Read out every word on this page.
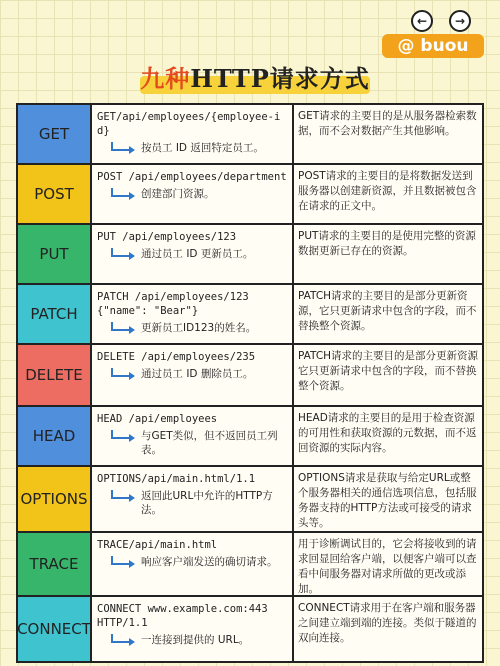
←	→
@ buou
九种HTTP请求方式
GET
GET/api/employees/{employee-id}
按员工 ID 返回特定员工。
GET请求的主要目的是从服务器检索数据，而不会对数据产生其他影响。
POST
POST /api/employees/department
创建部门资源。
POST请求的主要目的是将数据发送到服务器以创建新资源，并且数据被包含在请求的正文中。
PUT
PUT /api/employees/123
通过员工 ID 更新员工。
PUT请求的主要目的是使用完整的资源数据更新已存在的资源。
PATCH
PATCH /api/employees/123
{"name": "Bear"}
更新员工ID123的姓名。
PATCH请求的主要目的是部分更新资源，它只更新请求中包含的字段，而不替换整个资源。
DELETE
DELETE /api/employees/235
通过员工 ID 删除员工。
PATCH请求的主要目的是部分更新资源它只更新请求中包含的字段，而不替换整个资源。
HEAD
HEAD /api/employees
与GET类似，但不返回员工列表。
HEAD请求的主要目的是用于检查资源的可用性和获取资源的元数据，而不返回资源的实际内容。
OPTIONS
OPTIONS/api/main.html/1.1
返回此URL中允许的HTTP方法。
OPTIONS请求是获取与给定URL或整个服务器相关的通信选项信息，包括服务器支持的HTTP方法或可接受的请求头等。
TRACE
TRACE/api/main.html
响应客户端发送的确切请求。
用于诊断调试目的，它会将接收到的请求回显回给客户端，以便客户端可以查看中间服务器对请求所做的更改或添加。
CONNECT
CONNECT www.example.com:443
HTTP/1.1
一连接到提供的 URL。
CONNECT请求用于在客户端和服务器之间建立端到端的连接。类似于隧道的双向连接。
